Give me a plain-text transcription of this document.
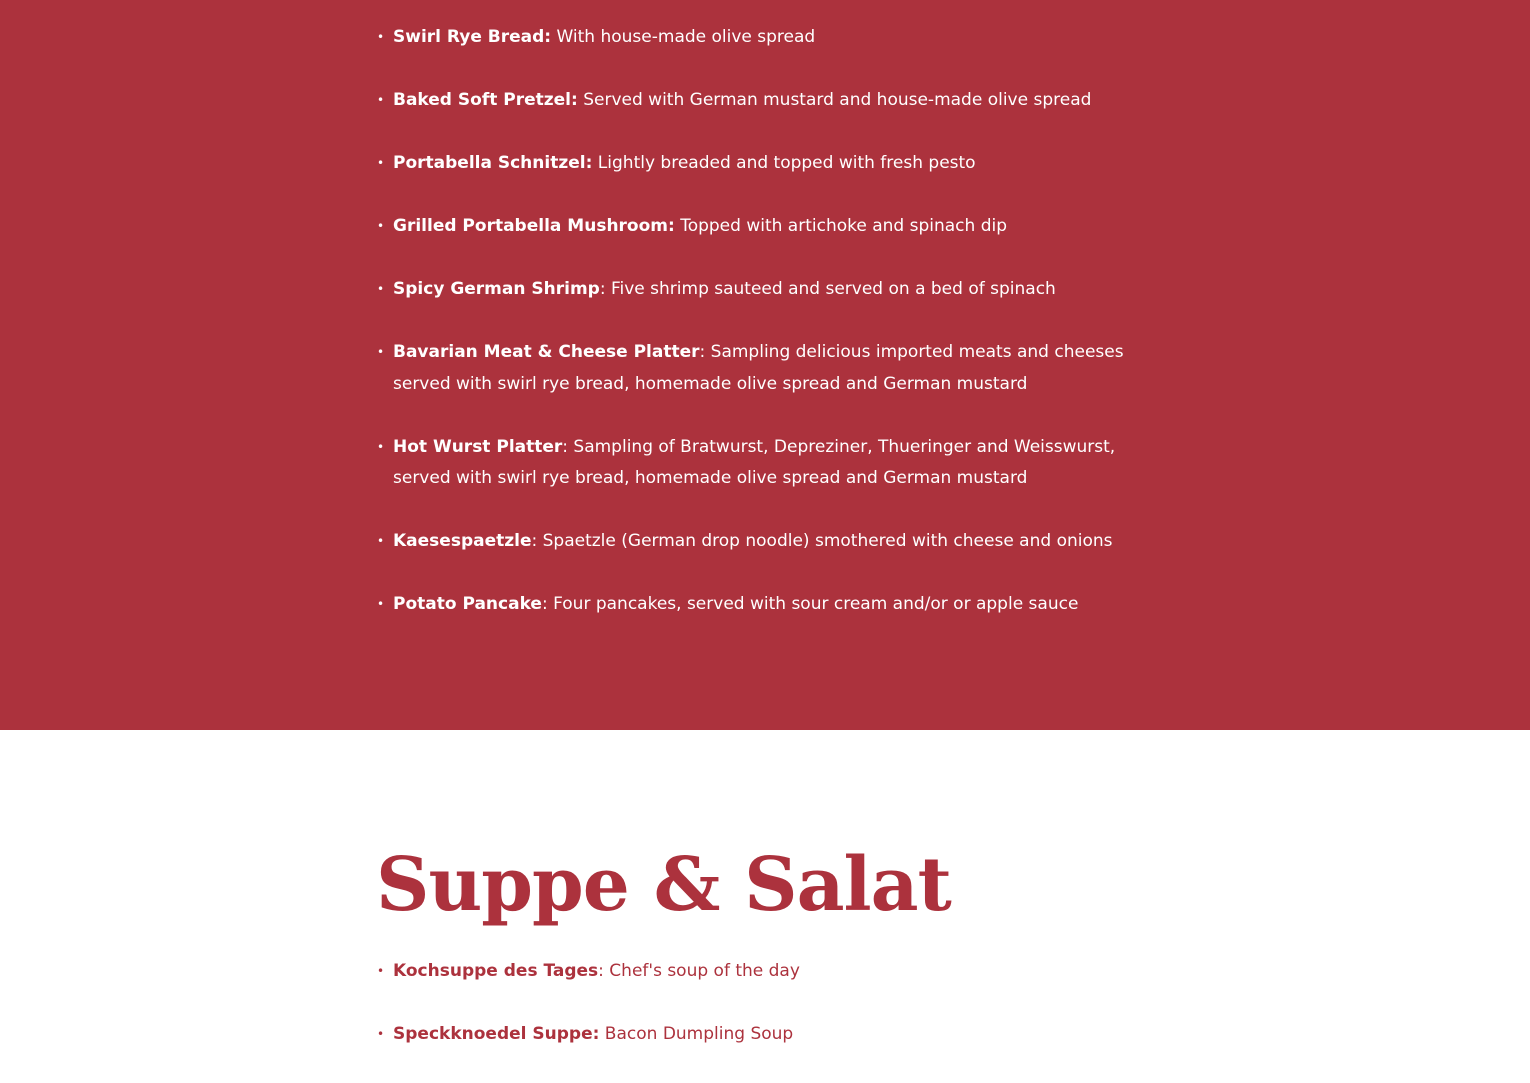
• Swirl Rye Bread: With house-made olive spread
• Baked Soft Pretzel: Served with German mustard and house-made olive spread
• Portabella Schnitzel: Lightly breaded and topped with fresh pesto
• Grilled Portabella Mushroom: Topped with artichoke and spinach dip
• Spicy German Shrimp: Five shrimp sauteed and served on a bed of spinach
• Bavarian Meat & Cheese Platter: Sampling delicious imported meats and cheeses served with swirl rye bread, homemade olive spread and German mustard
• Hot Wurst Platter: Sampling of Bratwurst, Depreziner, Thueringer and Weisswurst, served with swirl rye bread, homemade olive spread and German mustard
• Kaesespaetzle: Spaetzle (German drop noodle) smothered with cheese and onions
• Potato Pancake: Four pancakes, served with sour cream and/or or apple sauce
Suppe & Salat
• Kochsuppe des Tages: Chef's soup of the day
• Speckknoedel Suppe: Bacon Dumpling Soup
